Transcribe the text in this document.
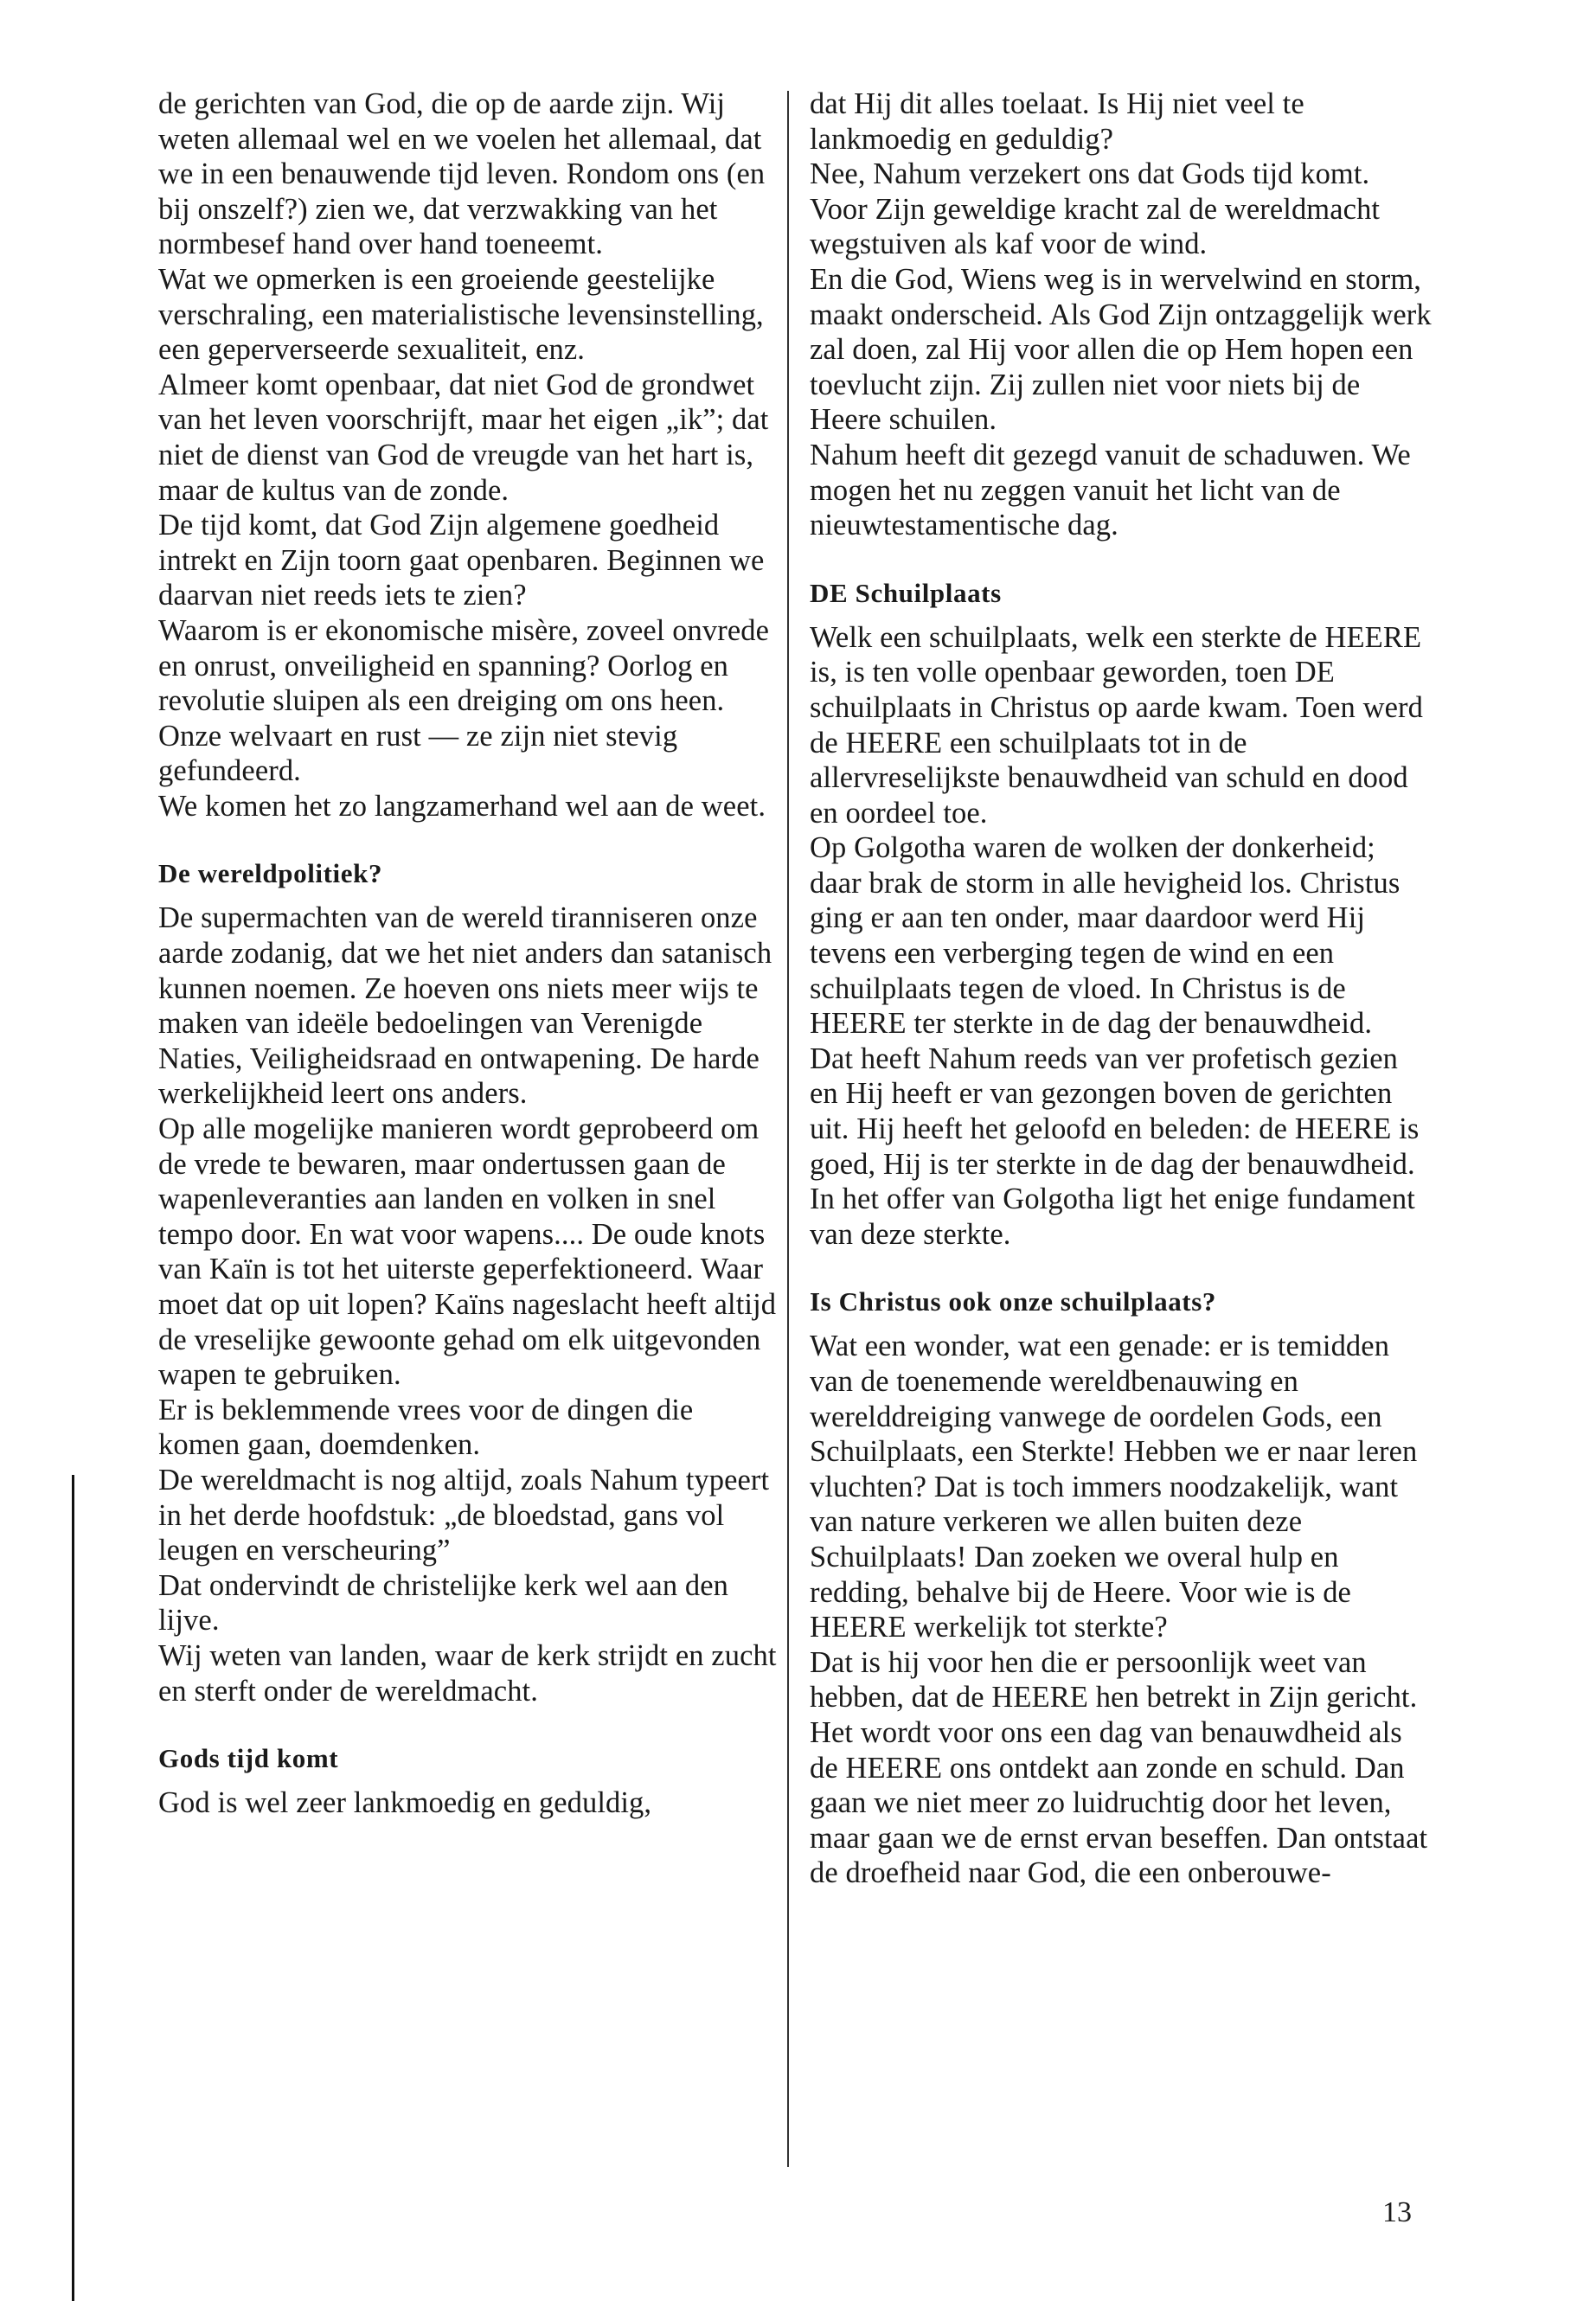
de gerichten van God, die op de aarde zijn. Wij weten allemaal wel en we voelen het allemaal, dat we in een benauwende tijd leven. Rondom ons (en bij onszelf?) zien we, dat verzwakking van het normbesef hand over hand toeneemt.

Wat we opmerken is een groeiende geestelijke verschraling, een materialistische levensinstelling, een geperverseerde sexualiteit, enz.

Almeer komt openbaar, dat niet God de grondwet van het leven voorschrijft, maar het eigen „ik”; dat niet de dienst van God de vreugde van het hart is, maar de kultus van de zonde.

De tijd komt, dat God Zijn algemene goedheid intrekt en Zijn toorn gaat openbaren. Beginnen we daarvan niet reeds iets te zien?

Waarom is er ekonomische misère, zoveel onvrede en onrust, onveiligheid en spanning? Oorlog en revolutie sluipen als een dreiging om ons heen.

Onze welvaart en rust — ze zijn niet stevig gefundeerd.

We komen het zo langzamerhand wel aan de weet.

De wereldpolitiek?

De supermachten van de wereld tiranniseren onze aarde zodanig, dat we het niet anders dan satanisch kunnen noemen. Ze hoeven ons niets meer wijs te maken van ideële bedoelingen van Verenigde Naties, Veiligheidsraad en ontwapening. De harde werkelijkheid leert ons anders.

Op alle mogelijke manieren wordt geprobeerd om de vrede te bewaren, maar ondertussen gaan de wapenleveranties aan landen en volken in snel tempo door. En wat voor wapens.... De oude knots van Kaïn is tot het uiterste geperfektioneerd. Waar moet dat op uit lopen? Kaïns nageslacht heeft altijd de vreselijke gewoonte gehad om elk uitgevonden wapen te gebruiken.

Er is beklemmende vrees voor de dingen die komen gaan, doemdenken.

De wereldmacht is nog altijd, zoals Nahum typeert in het derde hoofdstuk: „de bloedstad, gans vol leugen en verscheuring”

Dat ondervindt de christelijke kerk wel aan den lijve.

Wij weten van landen, waar de kerk strijdt en zucht en sterft onder de wereldmacht.

Gods tijd komt

God is wel zeer lankmoedig en geduldig,

dat Hij dit alles toelaat. Is Hij niet veel te lankmoedig en geduldig?

Nee, Nahum verzekert ons dat Gods tijd komt. Voor Zijn geweldige kracht zal de wereldmacht wegstuiven als kaf voor de wind.

En die God, Wiens weg is in wervelwind en storm, maakt onderscheid. Als God Zijn ontzaggelijk werk zal doen, zal Hij voor allen die op Hem hopen een toevlucht zijn. Zij zullen niet voor niets bij de Heere schuilen.

Nahum heeft dit gezegd vanuit de schaduwen. We mogen het nu zeggen vanuit het licht van de nieuwtestamentische dag.

DE Schuilplaats

Welk een schuilplaats, welk een sterkte de HEERE is, is ten volle openbaar geworden, toen DE schuilplaats in Christus op aarde kwam. Toen werd de HEERE een schuilplaats tot in de allervreselijkste benauwdheid van schuld en dood en oordeel toe.

Op Golgotha waren de wolken der donkerheid; daar brak de storm in alle hevigheid los. Christus ging er aan ten onder, maar daardoor werd Hij tevens een verberging tegen de wind en een schuilplaats tegen de vloed. In Christus is de HEERE ter sterkte in de dag der benauwdheid.

Dat heeft Nahum reeds van ver profetisch gezien en Hij heeft er van gezongen boven de gerichten uit. Hij heeft het geloofd en beleden: de HEERE is goed, Hij is ter sterkte in de dag der benauwdheid.

In het offer van Golgotha ligt het enige fundament van deze sterkte.

Is Christus ook onze schuilplaats?

Wat een wonder, wat een genade: er is temidden van de toenemende wereldbenauwing en werelddreiging vanwege de oordelen Gods, een Schuilplaats, een Sterkte! Hebben we er naar leren vluchten? Dat is toch immers noodzakelijk, want van nature verkeren we allen buiten deze Schuilplaats! Dan zoeken we overal hulp en redding, behalve bij de Heere. Voor wie is de HEERE werkelijk tot sterkte?

Dat is hij voor hen die er persoonlijk weet van hebben, dat de HEERE hen betrekt in Zijn gericht.

Het wordt voor ons een dag van benauwdheid als de HEERE ons ontdekt aan zonde en schuld. Dan gaan we niet meer zo luidruchtig door het leven, maar gaan we de ernst ervan beseffen. Dan ontstaat de droefheid naar God, die een onberouwe-

13
